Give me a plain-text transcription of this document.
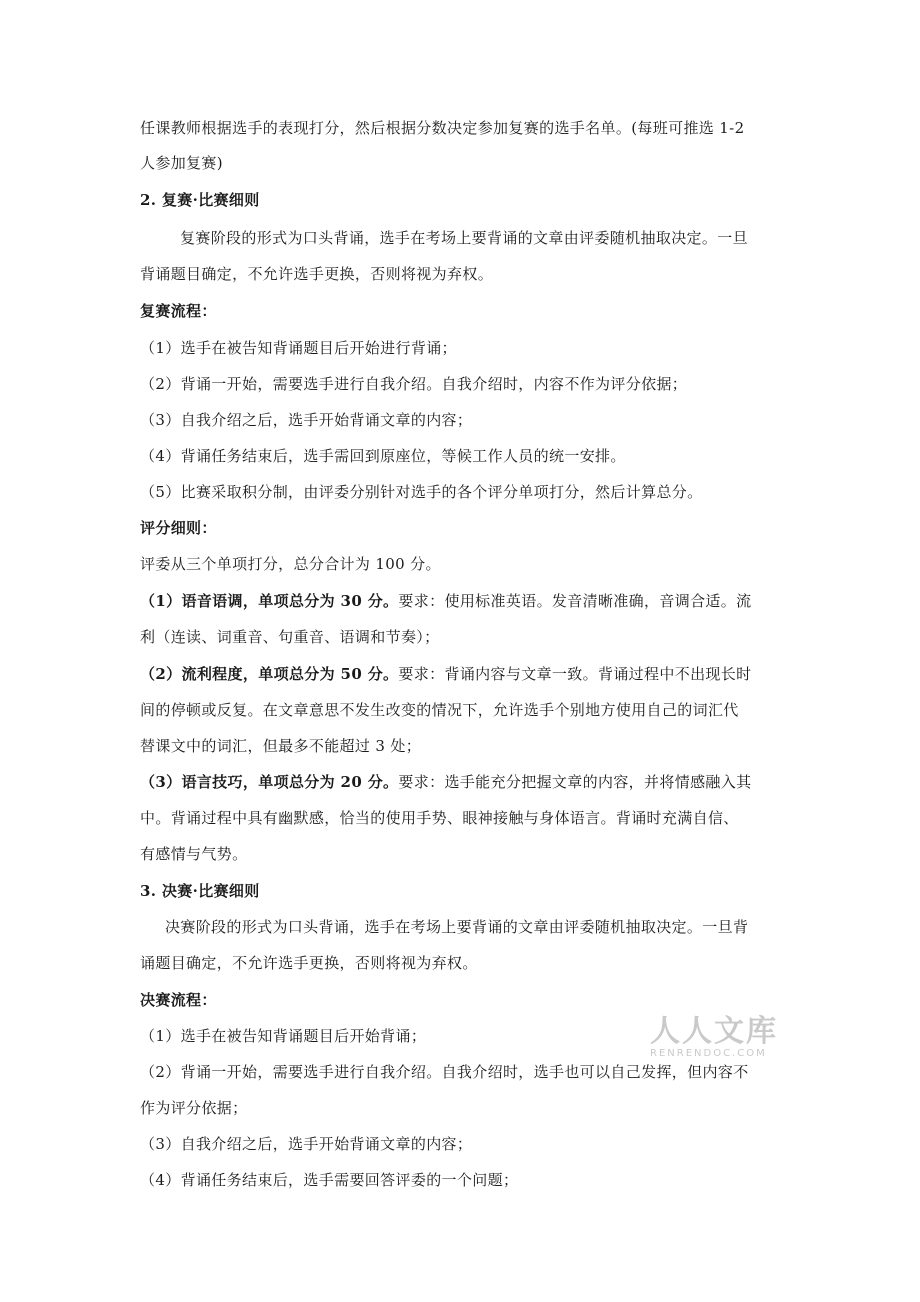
任课教师根据选手的表现打分，然后根据分数决定参加复赛的选手名单。(每班可推选 1-2
人参加复赛)
2. 复赛·比赛细则
复赛阶段的形式为口头背诵，选手在考场上要背诵的文章由评委随机抽取决定。一旦
背诵题目确定，不允许选手更换，否则将视为弃权。
复赛流程：
（1）选手在被告知背诵题目后开始进行背诵；
（2）背诵一开始，需要选手进行自我介绍。自我介绍时，内容不作为评分依据；
（3）自我介绍之后，选手开始背诵文章的内容；
（4）背诵任务结束后，选手需回到原座位，等候工作人员的统一安排。
（5）比赛采取积分制，由评委分别针对选手的各个评分单项打分，然后计算总分。
评分细则：
评委从三个单项打分，总分合计为 100 分。
（1）语音语调，单项总分为 30 分。要求：使用标准英语。发音清晰准确，音调合适。流
利（连读、词重音、句重音、语调和节奏）；
（2）流利程度，单项总分为 50 分。要求：背诵内容与文章一致。背诵过程中不出现长时
间的停顿或反复。在文章意思不发生改变的情况下，允许选手个别地方使用自己的词汇代
替课文中的词汇，但最多不能超过 3 处；
（3）语言技巧，单项总分为 20 分。要求：选手能充分把握文章的内容，并将情感融入其
中。背诵过程中具有幽默感，恰当的使用手势、眼神接触与身体语言。背诵时充满自信、
有感情与气势。
3. 决赛·比赛细则
决赛阶段的形式为口头背诵，选手在考场上要背诵的文章由评委随机抽取决定。一旦背
诵题目确定，不允许选手更换，否则将视为弃权。
决赛流程：
（1）选手在被告知背诵题目后开始背诵；
（2）背诵一开始，需要选手进行自我介绍。自我介绍时，选手也可以自己发挥，但内容不
作为评分依据；
（3）自我介绍之后，选手开始背诵文章的内容；
（4）背诵任务结束后，选手需要回答评委的一个问题；
人人文库
RENRENDOC.COM
